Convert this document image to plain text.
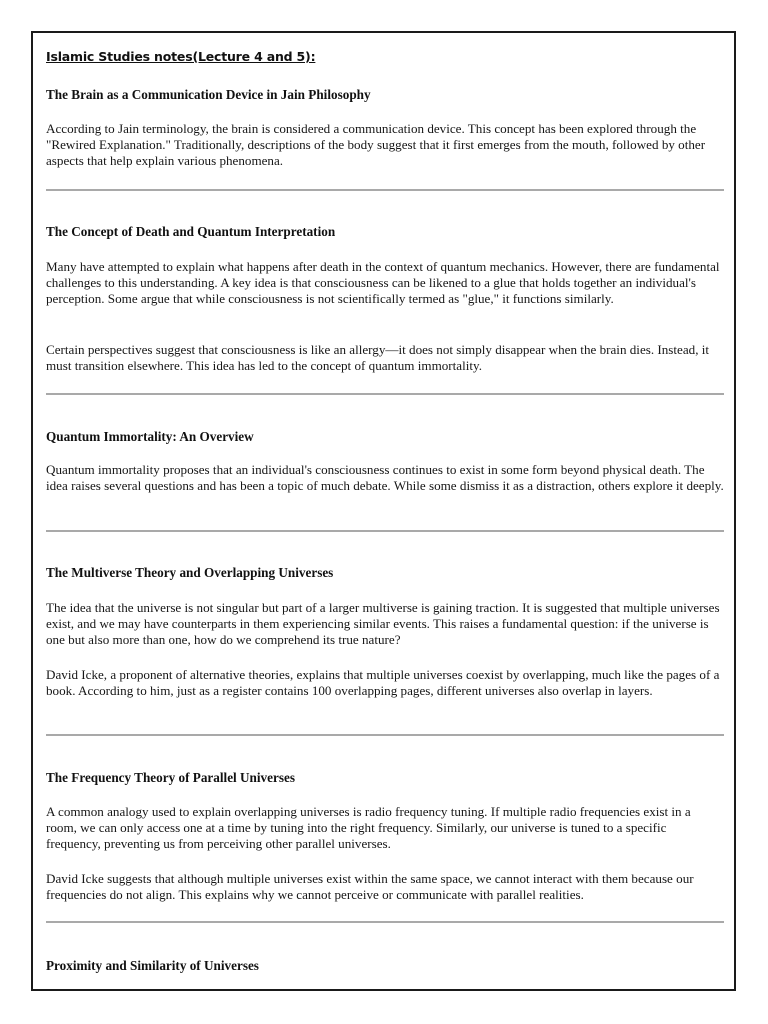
Islamic Studies notes(Lecture 4 and 5):
The Brain as a Communication Device in Jain Philosophy

According to Jain terminology, the brain is considered a communication device. This concept has been explored through the "Rewired Explanation." Traditionally, descriptions of the body suggest that it first emerges from the mouth, followed by other aspects that help explain various phenomena.

The Concept of Death and Quantum Interpretation

Many have attempted to explain what happens after death in the context of quantum mechanics. However, there are fundamental challenges to this understanding. A key idea is that consciousness can be likened to a glue that holds together an individual's perception. Some argue that while consciousness is not scientifically termed as "glue," it functions similarly.

Certain perspectives suggest that consciousness is like an allergy—it does not simply disappear when the brain dies. Instead, it must transition elsewhere. This idea has led to the concept of quantum immortality.

Quantum Immortality: An Overview

Quantum immortality proposes that an individual's consciousness continues to exist in some form beyond physical death. The idea raises several questions and has been a topic of much debate. While some dismiss it as a distraction, others explore it deeply.

The Multiverse Theory and Overlapping Universes

The idea that the universe is not singular but part of a larger multiverse is gaining traction. It is suggested that multiple universes exist, and we may have counterparts in them experiencing similar events. This raises a fundamental question: if the universe is one but also more than one, how do we comprehend its true nature?

David Icke, a proponent of alternative theories, explains that multiple universes coexist by overlapping, much like the pages of a book. According to him, just as a register contains 100 overlapping pages, different universes also overlap in layers.

The Frequency Theory of Parallel Universes

A common analogy used to explain overlapping universes is radio frequency tuning. If multiple radio frequencies exist in a room, we can only access one at a time by tuning into the right frequency. Similarly, our universe is tuned to a specific frequency, preventing us from perceiving other parallel universes.

David Icke suggests that although multiple universes exist within the same space, we cannot interact with them because our frequencies do not align. This explains why we cannot perceive or communicate with parallel realities.

Proximity and Similarity of Universes
